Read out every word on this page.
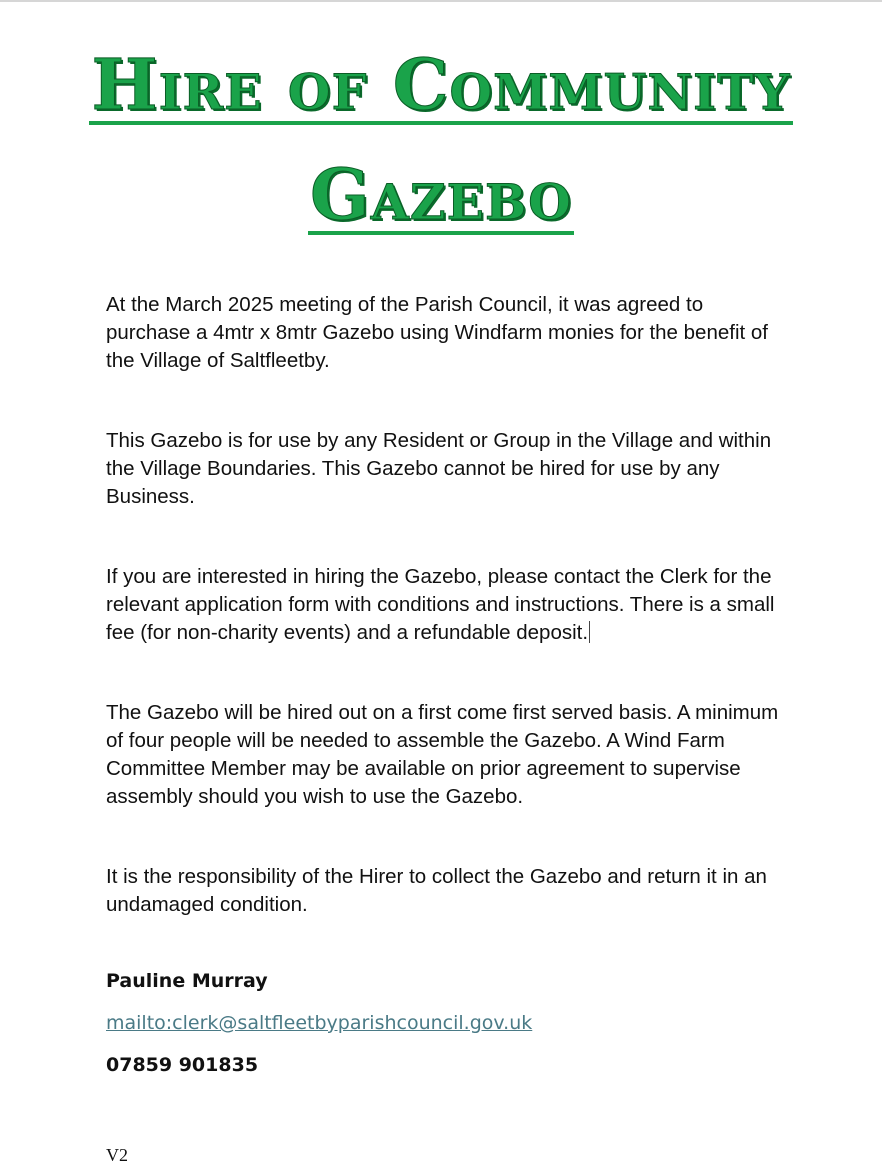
Hire of Community
Gazebo

At the March 2025 meeting of the Parish Council, it was agreed to purchase a 4mtr x 8mtr Gazebo using Windfarm monies for the benefit of the Village of Saltfleetby.

This Gazebo is for use by any Resident or Group in the Village and within the Village Boundaries. This Gazebo cannot be hired for use by any Business.

If you are interested in hiring the Gazebo, please contact the Clerk for the relevant application form with conditions and instructions. There is a small fee (for non-charity events) and a refundable deposit.

The Gazebo will be hired out on a first come first served basis. A minimum of four people will be needed to assemble the Gazebo. A Wind Farm Committee Member may be available on prior agreement to supervise assembly should you wish to use the Gazebo.

It is the responsibility of the Hirer to collect the Gazebo and return it in an undamaged condition.

Pauline Murray
mailto:clerk@saltfleetbyparishcouncil.gov.uk
07859 901835
V2
